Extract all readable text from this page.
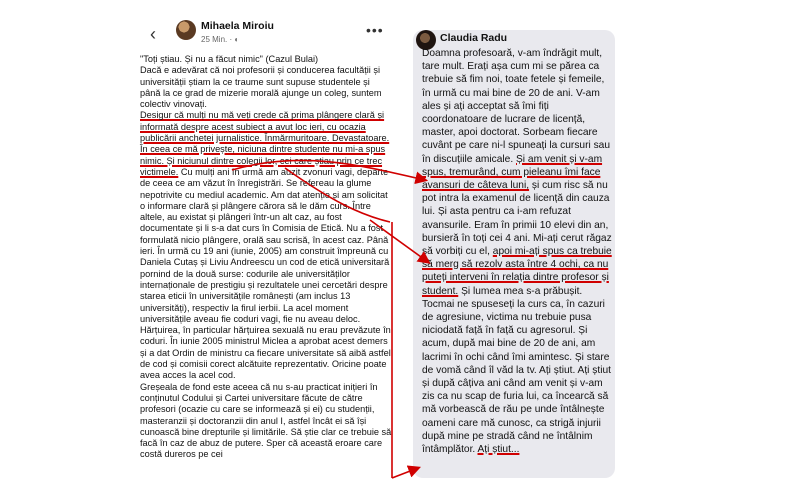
‹	Mihaela Miroiu
25 Min. · ◐
•••

"Toți știau. Și nu a făcut nimic" (Cazul Bulai)

Dacă e adevărat că noi profesorii și conducerea facultății și universității știam la ce traume sunt supuse studentele și până la ce grad de mizerie morală ajunge un coleg, suntem colectiv vinovați.

Desigur că mulți nu mă veți crede că prima plângere clară și informată despre acest subiect a avut loc ieri, cu ocazia publicării anchetei jurnalistice. Înmărmuritoare. Devastatoare. În ceea ce mă privește, niciuna dintre studente nu mi-a spus nimic. Și niciunul dintre colegii lor, cei care știau prin ce trec victimele. Cu mulți ani în urmă am auzit zvonuri vagi, departe de ceea ce am văzut în înregistrări. Se refereau la glume nepotrivite cu mediul academic. Am dat atenție și am solicitat o informare clară și plângere cărora să le dăm curs. Între altele, au existat și plângeri într-un alt caz, au fost documentate și li s-a dat curs în Comisia de Etică. Nu a fost formulată nicio plângere, orală sau scrisă, în acest caz. Până ieri. În urmă cu 19 ani (iunie, 2005) am construit împreună cu Daniela Cutaș și Liviu Andreescu un cod de etică universitară pornind de la două surse: codurile ale universităților internaționale de prestigiu și rezultatele unei cercetări despre starea eticii în universitățile românești (am inclus 13 universități), respectiv la firul ierbii. La acel moment universitățile aveau fie coduri vagi, fie nu aveau deloc. Hărțuirea, în particular hărțuirea sexuală nu erau prevăzute în coduri. În iunie 2005 ministrul Miclea a aprobat acest demers și a dat Ordin de ministru ca fiecare universitate să aibă astfel de cod și comisii corect alcătuite reprezentativ. Oricine poate avea acces la acel cod.

Greșeala de fond este aceea că nu s-au practicat inițieri în conținutul Codului și Cartei universitare făcute de către profesori (ocazie cu care se informează și ei) cu studenții, masteranzii și doctoranzii din anul I, astfel încât ei să își cunoască bine drepturile și limitările. Să știe clar ce trebuie să facă în caz de abuz de putere. Sper că această eroare care costă dureros pe cei

Claudia Radu
Doamna profesoară, v-am îndrăgit mult, tare mult. Erați așa cum mi se părea ca trebuie să fim noi, toate fetele și femeile, în urmă cu mai bine de 20 de ani. V-am ales și ați acceptat să îmi fiți coordonatoare de lucrare de licență, master, apoi doctorat. Sorbeam fiecare cuvânt pe care ni-l spuneați la cursuri sau în discuțiile amicale. Și am venit și v-am spus, tremurând, cum pieleanu îmi face avansuri de câteva luni, și cum risc să nu pot intra la examenul de licență din cauza lui. Și asta pentru ca i-am refuzat avansurile. Eram în primii 10 elevi din an, bursieră în toți cei 4 ani. Mi-ați cerut răgaz să vorbiți cu el, apoi mi-ați spus ca trebuie să merg să rezolv asta între 4 ochi, ca nu puteți interveni în relația dintre profesor și student. Și lumea mea s-a prăbușit. Tocmai ne spuseseți la curs ca, în cazuri de agresiune, victima nu trebuie pusa niciodată față în față cu agresorul. Și acum, după mai bine de 20 de ani, am lacrimi în ochi când îmi amintesc. Și stare de vomă când îl văd la tv. Ați știut. Ați știut și după câțiva ani când am venit și v-am zis ca nu scap de furia lui, ca încearcă să mă vorbească de rău pe unde întâlnește oameni care mă cunosc, ca strigă injurii după mine pe stradă când ne întâlnim întâmplător. Ați știut...
